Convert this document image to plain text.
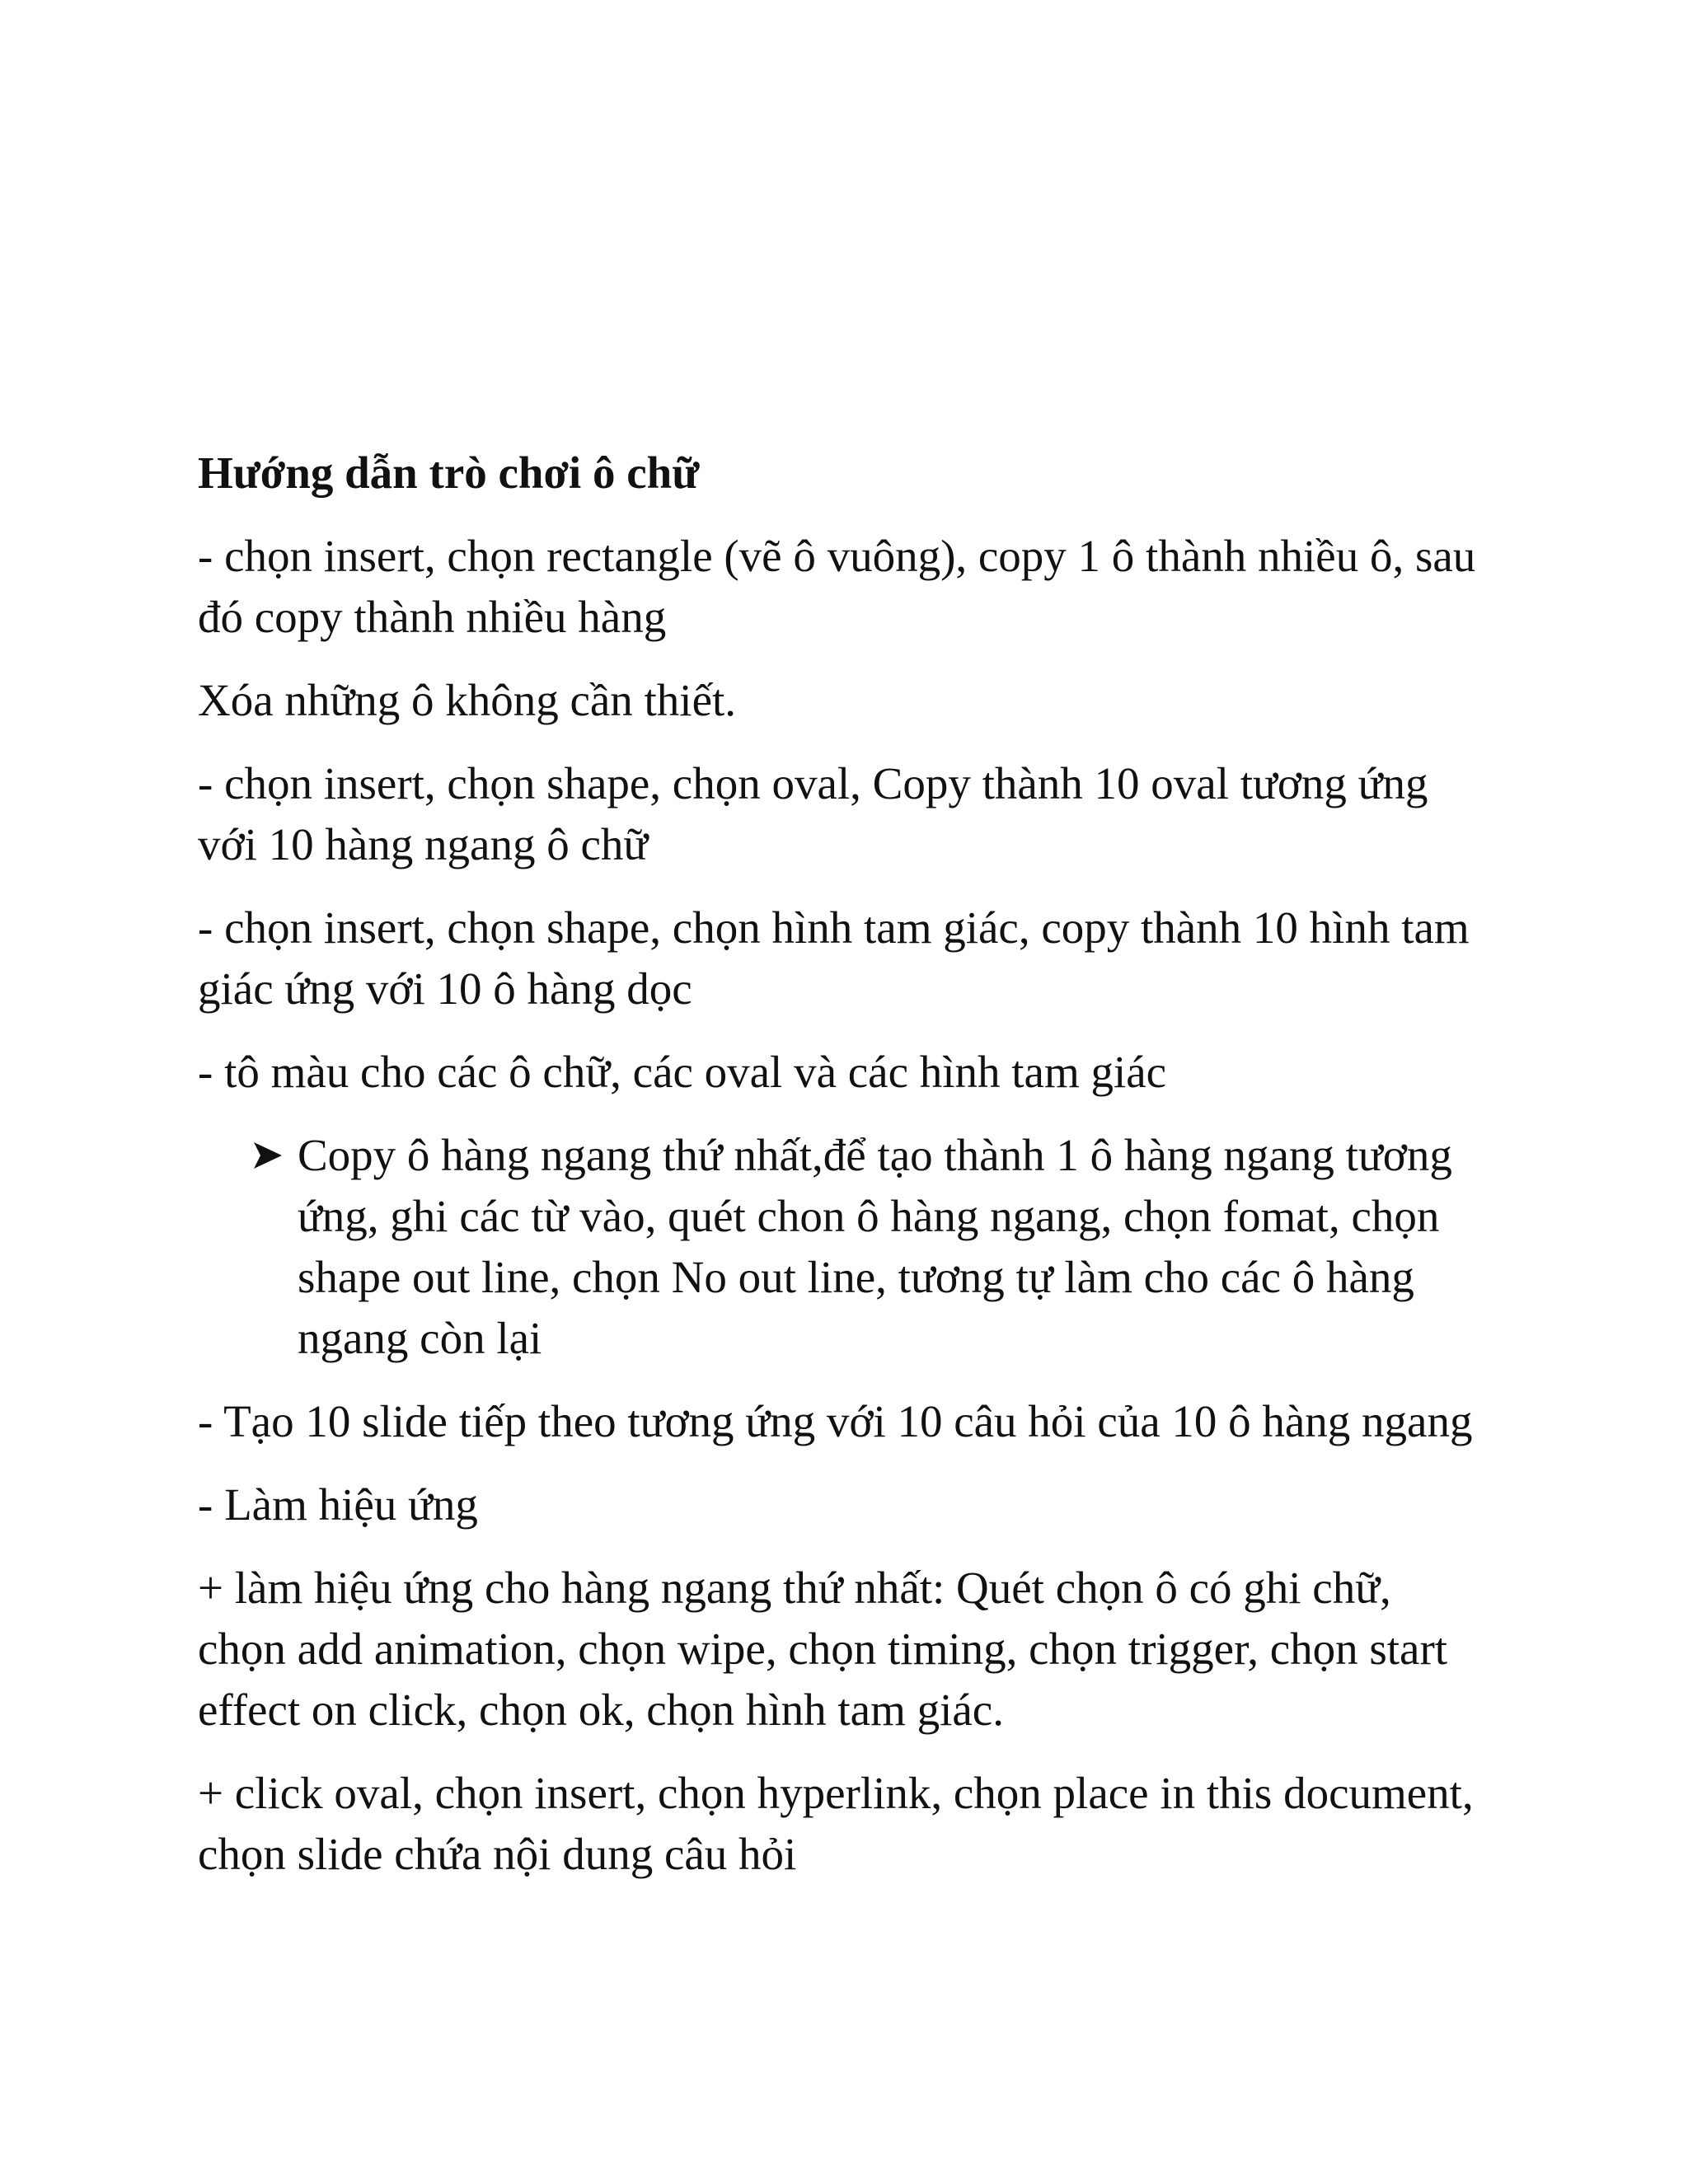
Hướng dẫn trò chơi ô chữ

- chọn insert, chọn rectangle (vẽ ô vuông), copy 1 ô thành nhiều ô, sau đó copy thành nhiều hàng

Xóa những ô không cần thiết.

- chọn insert, chọn shape, chọn oval, Copy thành 10 oval tương ứng với 10 hàng ngang ô chữ

- chọn insert, chọn shape, chọn hình tam giác, copy thành 10 hình tam giác ứng với 10 ô hàng dọc

- tô màu cho các ô chữ, các oval và các hình tam giác

Copy ô hàng ngang thứ nhất,để tạo thành 1 ô hàng ngang tương ứng, ghi các từ vào, quét chon ô hàng ngang, chọn fomat, chọn shape out line, chọn No out line, tương tự làm cho các ô hàng ngang còn lại

- Tạo 10 slide tiếp theo tương ứng với 10 câu hỏi của 10 ô hàng ngang

- Làm hiệu ứng

+ làm hiệu ứng cho hàng ngang thứ nhất: Quét chọn ô có ghi chữ, chọn add animation, chọn wipe, chọn timing, chọn trigger, chọn start effect on click, chọn ok, chọn hình tam giác.

+ click oval, chọn insert, chọn hyperlink, chọn place in this document, chọn slide chứa nội dung câu hỏi
